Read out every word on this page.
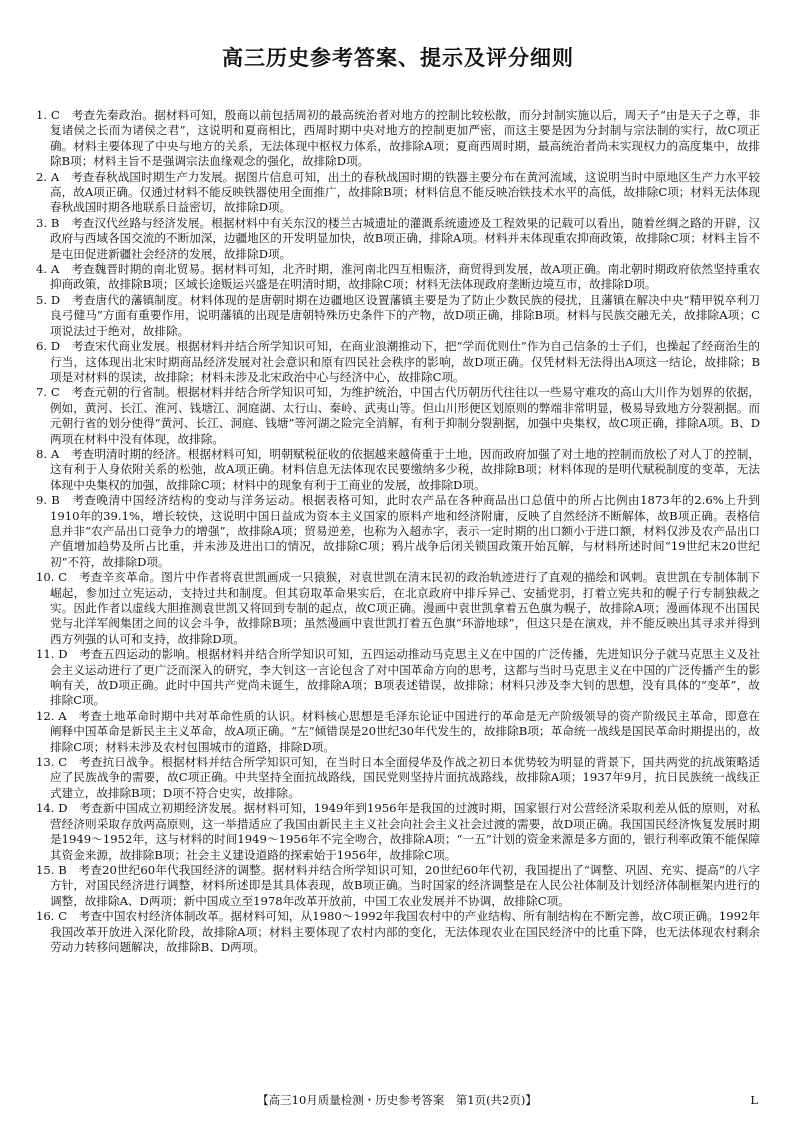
高三历史参考答案、提示及评分细则

1. C　考查先秦政治。据材料可知，殷商以前包括周初的最高统治者对地方的控制比较松散，而分封制实施以后，周天子“由是天子之尊，非复诸侯之长而为诸侯之君”，这说明和夏商相比，西周时期中央对地方的控制更加严密，而这主要是因为分封制与宗法制的实行，故C项正确。材料主要体现了中央与地方的关系，无法体现中枢权力体系，故排除A项；夏商西周时期，最高统治者尚未实现权力的高度集中，故排除B项；材料主旨不是强调宗法血缘观念的强化，故排除D项。

2. A　考查春秋战国时期生产力发展。据图片信息可知，出土的春秋战国时期的铁器主要分布在黄河流域，这说明当时中原地区生产力水平较高，故A项正确。仅通过材料不能反映铁器使用全面推广，故排除B项；材料信息不能反映冶铁技术水平的高低，故排除C项；材料无法体现春秋战国时期各地联系日益密切，故排除D项。

3. B　考查汉代丝路与经济发展。根据材料中有关东汉的楼兰古城遗址的灌溉系统遗迹及工程效果的记载可以看出，随着丝绸之路的开辟，汉政府与西域各国交流的不断加深，边疆地区的开发明显加快，故B项正确，排除A项。材料并未体现重农抑商政策，故排除C项；材料主旨不是屯田促进新疆社会经济的发展，故排除D项。

4. A　考查魏晋时期的南北贸易。据材料可知，北齐时期，淮河南北四互相赈济，商贸得到发展，故A项正确。南北朝时期政府依然坚持重农抑商政策，故排除B项；区域长途贩运兴盛是在明清时期，故排除C项；材料无法体现政府垄断边境互市，故排除D项。

5. D　考查唐代的藩镇制度。材料体现的是唐朝时期在边疆地区设置藩镇主要是为了防止少数民族的侵扰，且藩镇在解决中央“精甲锐卒利刀良弓健马”方面有重要作用，说明藩镇的出现是唐朝特殊历史条件下的产物，故D项正确，排除B项。材料与民族交融无关，故排除A项；C项说法过于绝对，故排除。

6. D　考查宋代商业发展。根据材料并结合所学知识可知，在商业浪潮推动下，把“学而优则仕”作为自己信条的士子们，也操起了经商治生的行当，这体现出北宋时期商品经济发展对社会意识和原有四民社会秩序的影响，故D项正确。仅凭材料无法得出A项这一结论，故排除；B项是对材料的误读，故排除；材料未涉及北宋政治中心与经济中心，故排除C项。

7. C　考查元朝的行省制。根据材料并结合所学知识可知，为维护统治，中国古代历朝历代往往以一些易守难攻的高山大川作为划界的依据，例如，黄河、长江、淮河、钱塘江、洞庭湖、太行山、秦岭、武夷山等。但山川形便区划原则的弊端非常明显，极易导致地方分裂割据。而元朝行省的划分使得“黄河、长江、洞庭、钱塘”等河湖之险完全消解，有利于抑制分裂割据，加强中央集权，故C项正确，排除A项。B、D两项在材料中没有体现，故排除。

8. A　考查明清时期的经济。根据材料可知，明朝赋税征收的依据越来越倚重于土地，因而政府加强了对土地的控制而放松了对人丁的控制，这有利于人身依附关系的松弛，故A项正确。材料信息无法体现农民要缴纳多少税，故排除B项；材料体现的是明代赋税制度的变革，无法体现中央集权的加强，故排除C项；材料中的现象有利于工商业的发展，故排除D项。

9. B　考查晚清中国经济结构的变动与洋务运动。根据表格可知，此时农产品在各种商品出口总值中的所占比例由1873年的2.6%上升到1910年的39.1%，增长较快，这说明中国日益成为资本主义国家的原料产地和经济附庸，反映了自然经济不断解体，故B项正确。表格信息并非“农产品出口竞争力的增强”，故排除A项；贸易逆差，也称为入超赤字，表示一定时期的出口额小于进口额，材料仅涉及农产品出口产值增加趋势及所占比重，并未涉及进出口的情况，故排除C项；鸦片战争后闭关锁国政策开始瓦解，与材料所述时间“19世纪末20世纪初”不符，故排除D项。

10. C　考查辛亥革命。图片中作者将袁世凯画成一只猿猴，对袁世凯在清末民初的政治轨迹进行了直观的描绘和讽刺。袁世凯在专制体制下崛起，参加过立宪运动，支持过共和制度。但其窃取革命果实后，在北京政府中排斥异己、安插党羽，打着立宪共和的幌子行专制独裁之实。因此作者以虚线大胆推测袁世凯又将回到专制的起点，故C项正确。漫画中袁世凯拿着五色旗为幌子，故排除A项；漫画体现不出国民党与北洋军阀集团之间的议会斗争，故排除B项；虽然漫画中袁世凯打着五色旗“环游地球”，但这只是在演戏，并不能反映出其寻求并得到西方列强的认可和支持，故排除D项。

11. D　考查五四运动的影响。根据材料并结合所学知识可知，五四运动推动马克思主义在中国的广泛传播，先进知识分子就马克思主义及社会主义运动进行了更广泛而深入的研究，李大钊这一言论包含了对中国革命方向的思考，这都与当时马克思主义在中国的广泛传播产生的影响有关，故D项正确。此时中国共产党尚未诞生，故排除A项；B项表述错误，故排除；材料只涉及李大钊的思想，没有具体的“变革”，故排除C项。

12. A　考查土地革命时期中共对革命性质的认识。材料核心思想是毛泽东论证中国进行的革命是无产阶级领导的资产阶级民主革命，即意在阐释中国革命是新民主主义革命，故A项正确。“左”倾错误是20世纪30年代发生的，故排除B项；革命统一战线是国民革命时期提出的，故排除C项；材料未涉及农村包围城市的道路，排除D项。

13. C　考查抗日战争。根据材料并结合所学知识可知，在当时日本全面侵华及作战之初日本优势较为明显的背景下，国共两党的抗战策略适应了民族战争的需要，故C项正确。中共坚持全面抗战路线，国民党则坚持片面抗战路线，故排除A项；1937年9月，抗日民族统一战线正式建立，故排除B项；D项不符合史实，故排除。

14. D　考查新中国成立初期经济发展。据材料可知，1949年到1956年是我国的过渡时期，国家银行对公营经济采取利差从低的原则，对私营经济则采取存放两高原则，这一举措适应了我国由新民主主义社会向社会主义社会过渡的需要，故D项正确。我国国民经济恢复发展时期是1949～1952年，这与材料的时间1949～1956年不完全吻合，故排除A项；“一五”计划的资金来源是多方面的，银行利率政策不能保障其资金来源，故排除B项；社会主义建设道路的探索始于1956年，故排除C项。

15. B　考查20世纪60年代我国经济的调整。据材料并结合所学知识可知，20世纪60年代初，我国提出了“调整、巩固、充实、提高”的八字方针，对国民经济进行调整，材料所述即是其具体表现，故B项正确。当时国家的经济调整是在人民公社体制及计划经济体制框架内进行的调整，故排除A、D两项；新中国成立至1978年改革开放前，中国工农业发展并不协调，故排除C项。

16. C　考查中国农村经济体制改革。据材料可知，从1980～1992年我国农村中的产业结构、所有制结构在不断完善，故C项正确。1992年我国改革开放进入深化阶段，故排除A项；材料主要体现了农村内部的变化，无法体现农业在国民经济中的比重下降，也无法体现农村剩余劳动力转移问题解决，故排除B、D两项。

【高三10月质量检测・历史参考答案　第1页(共2页)】	L
